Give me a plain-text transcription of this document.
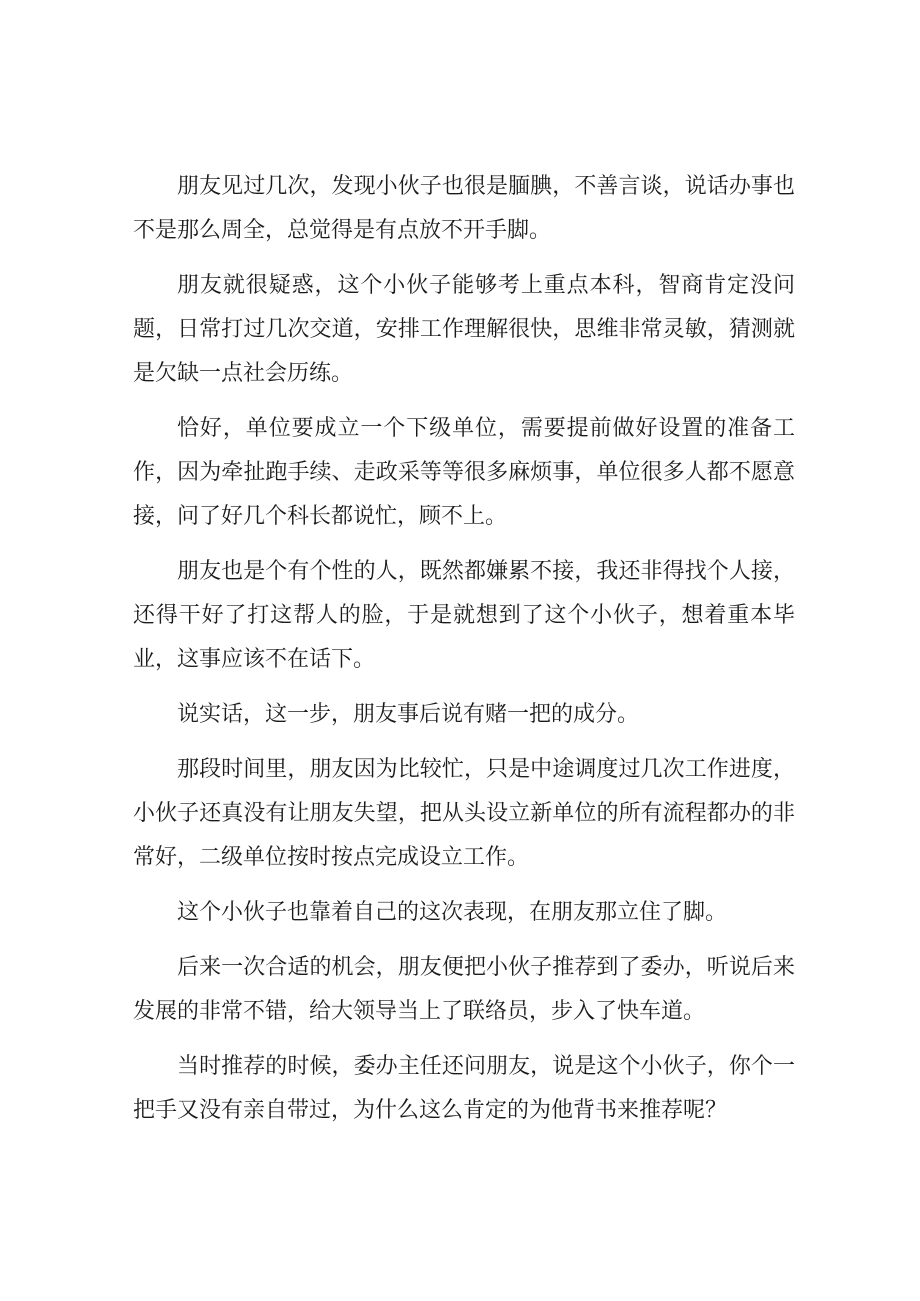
朋友见过几次，发现小伙子也很是腼腆，不善言谈，说话办事也不是那么周全，总觉得是有点放不开手脚。

朋友就很疑惑，这个小伙子能够考上重点本科，智商肯定没问题，日常打过几次交道，安排工作理解很快，思维非常灵敏，猜测就是欠缺一点社会历练。

恰好，单位要成立一个下级单位，需要提前做好设置的准备工作，因为牵扯跑手续、走政采等等很多麻烦事，单位很多人都不愿意接，问了好几个科长都说忙，顾不上。

朋友也是个有个性的人，既然都嫌累不接，我还非得找个人接，还得干好了打这帮人的脸，于是就想到了这个小伙子，想着重本毕业，这事应该不在话下。

说实话，这一步，朋友事后说有赌一把的成分。

那段时间里，朋友因为比较忙，只是中途调度过几次工作进度，小伙子还真没有让朋友失望，把从头设立新单位的所有流程都办的非常好，二级单位按时按点完成设立工作。

这个小伙子也靠着自己的这次表现，在朋友那立住了脚。

后来一次合适的机会，朋友便把小伙子推荐到了委办，听说后来发展的非常不错，给大领导当上了联络员，步入了快车道。

当时推荐的时候，委办主任还问朋友，说是这个小伙子，你个一把手又没有亲自带过，为什么这么肯定的为他背书来推荐呢？
